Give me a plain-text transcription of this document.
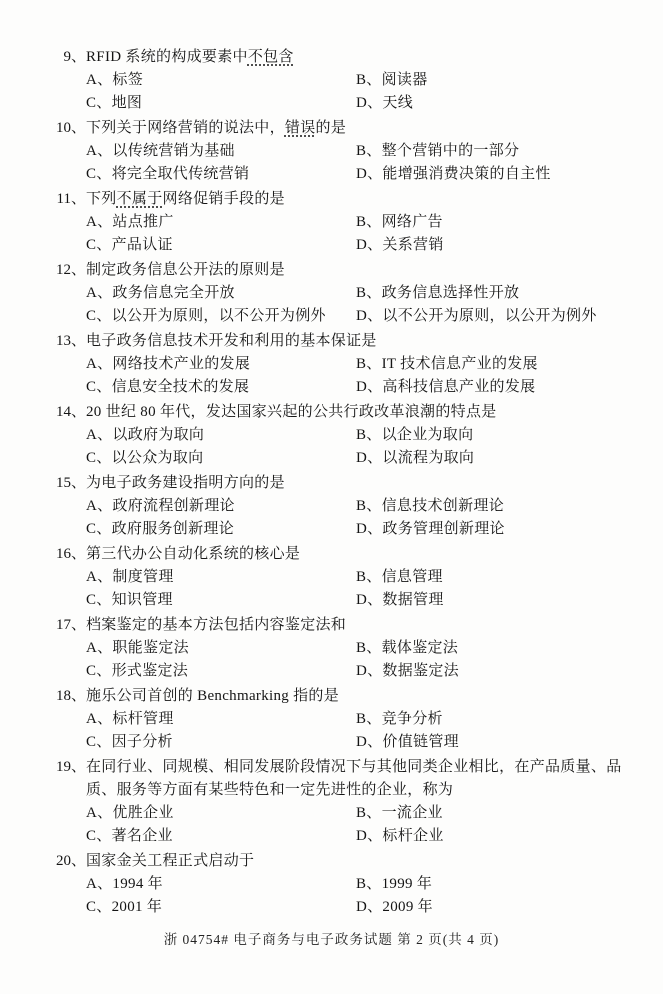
9、 RFID 系统的构成要素中不包含
A、标签	B、阅读器
C、地图	D、天线
10、 下列关于网络营销的说法中，错误的是
A、以传统营销为基础	B、整个营销中的一部分
C、将完全取代传统营销	D、能增强消费决策的自主性
11、 下列不属于网络促销手段的是
A、站点推广	B、网络广告
C、产品认证	D、关系营销
12、 制定政务信息公开法的原则是
A、政务信息完全开放	B、政务信息选择性开放
C、以公开为原则，以不公开为例外	D、以不公开为原则，以公开为例外
13、 电子政务信息技术开发和利用的基本保证是
A、网络技术产业的发展	B、IT 技术信息产业的发展
C、信息安全技术的发展	D、高科技信息产业的发展
14、 20 世纪 80 年代，发达国家兴起的公共行政改革浪潮的特点是
A、以政府为取向	B、以企业为取向
C、以公众为取向	D、以流程为取向
15、 为电子政务建设指明方向的是
A、政府流程创新理论	B、信息技术创新理论
C、政府服务创新理论	D、政务管理创新理论
16、 第三代办公自动化系统的核心是
A、制度管理	B、信息管理
C、知识管理	D、数据管理
17、 档案鉴定的基本方法包括内容鉴定法和
A、职能鉴定法	B、载体鉴定法
C、形式鉴定法	D、数据鉴定法
18、 施乐公司首创的 Benchmarking 指的是
A、标杆管理	B、竞争分析
C、因子分析	D、价值链管理
19、 在同行业、同规模、相同发展阶段情况下与其他同类企业相比，在产品质量、品质、服务等方面有某些特色和一定先进性的企业，称为
A、优胜企业	B、一流企业
C、著名企业	D、标杆企业
20、 国家金关工程正式启动于
A、1994 年	B、1999 年
C、2001 年	D、2009 年
浙 04754# 电子商务与电子政务试题 第 2 页(共 4 页)
